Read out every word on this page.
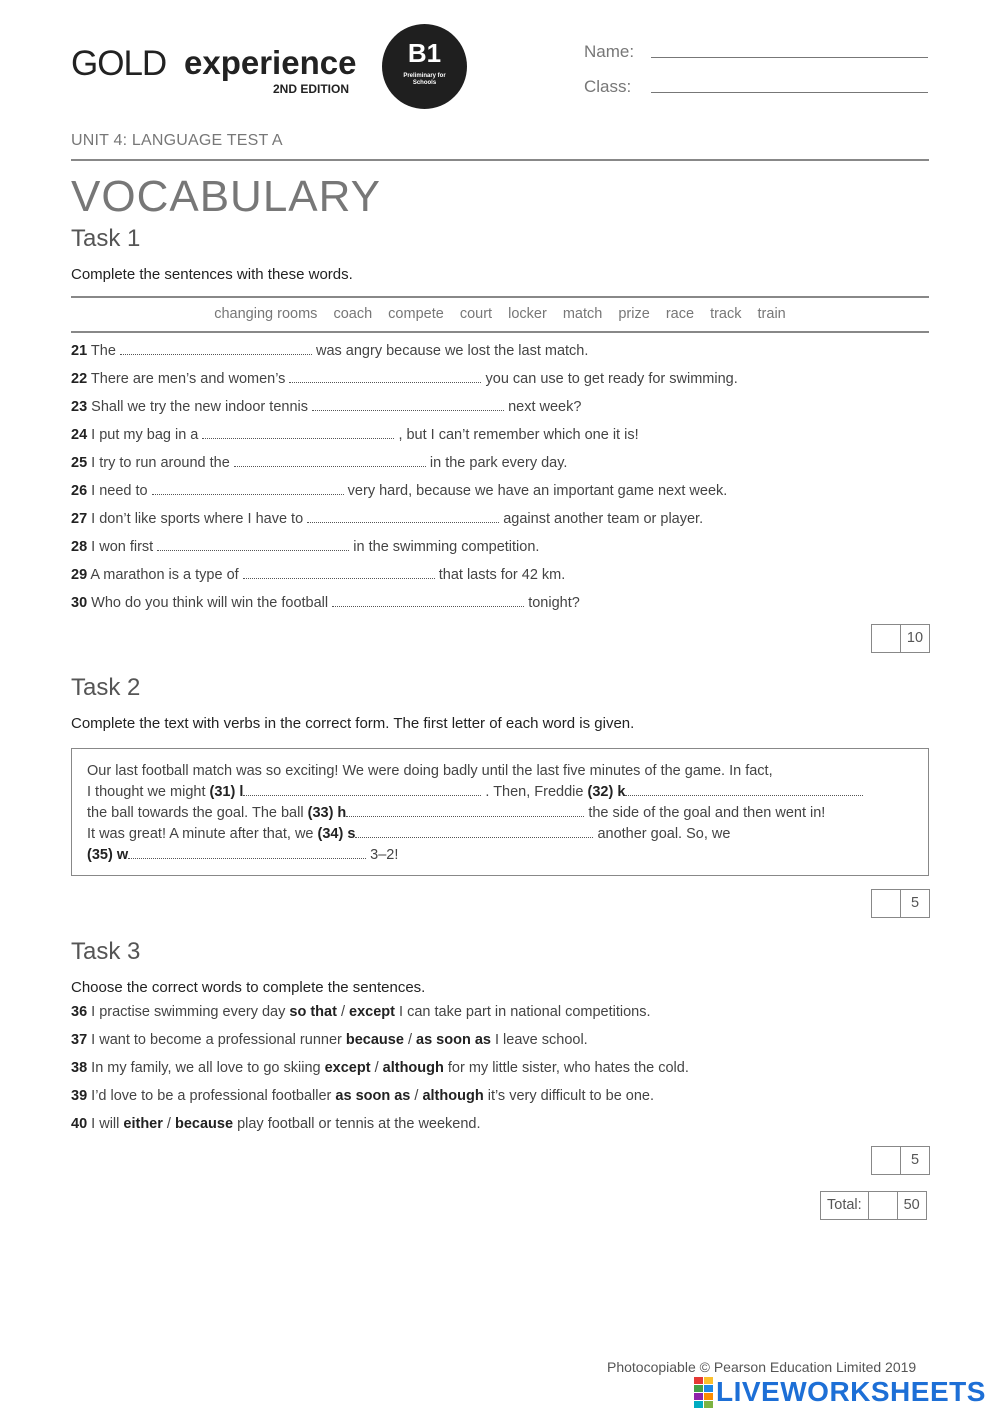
GOLD experience
2ND EDITION
B1
Preliminary for Schools
Name:
Class:
UNIT 4: LANGUAGE TEST A
VOCABULARY
Task 1
Complete the sentences with these words.
changing rooms coach compete court locker match prize race track train
21 The	was angry because we lost the last match.
22 There are men’s and women’s	you can use to get ready for swimming.
23 Shall we try the new indoor tennis	next week?
24 I put my bag in a	, but I can’t remember which one it is!
25 I try to run around the	in the park every day.
26 I need to	very hard, because we have an important game next week.
27 I don’t like sports where I have to	against another team or player.
28 I won first	in the swimming competition.
29 A marathon is a type of	that lasts for 42 km.
30 Who do you think will win the football	tonight?
10
Task 2
Complete the text with verbs in the correct form. The first letter of each word is given.
Our last football match was so exciting! We were doing badly until the last five minutes of the game. In fact,
I thought we might (31) l	. Then, Freddie (32) k
the ball towards the goal. The ball (33) h	the side of the goal and then went in!
It was great! A minute after that, we (34) s	another goal. So, we
(35) w	3–2!
5
Task 3
Choose the correct words to complete the sentences.
36 I practise swimming every day so that / except I can take part in national competitions.
37 I want to become a professional runner because / as soon as I leave school.
38 In my family, we all love to go skiing except / although for my little sister, who hates the cold.
39 I’d love to be a professional footballer as soon as / although it’s very difficult to be one.
40 I will either / because play football or tennis at the weekend.
5
Total:	50
Photocopiable © Pearson Education Limited 2019
LIVEWORKSHEETS
